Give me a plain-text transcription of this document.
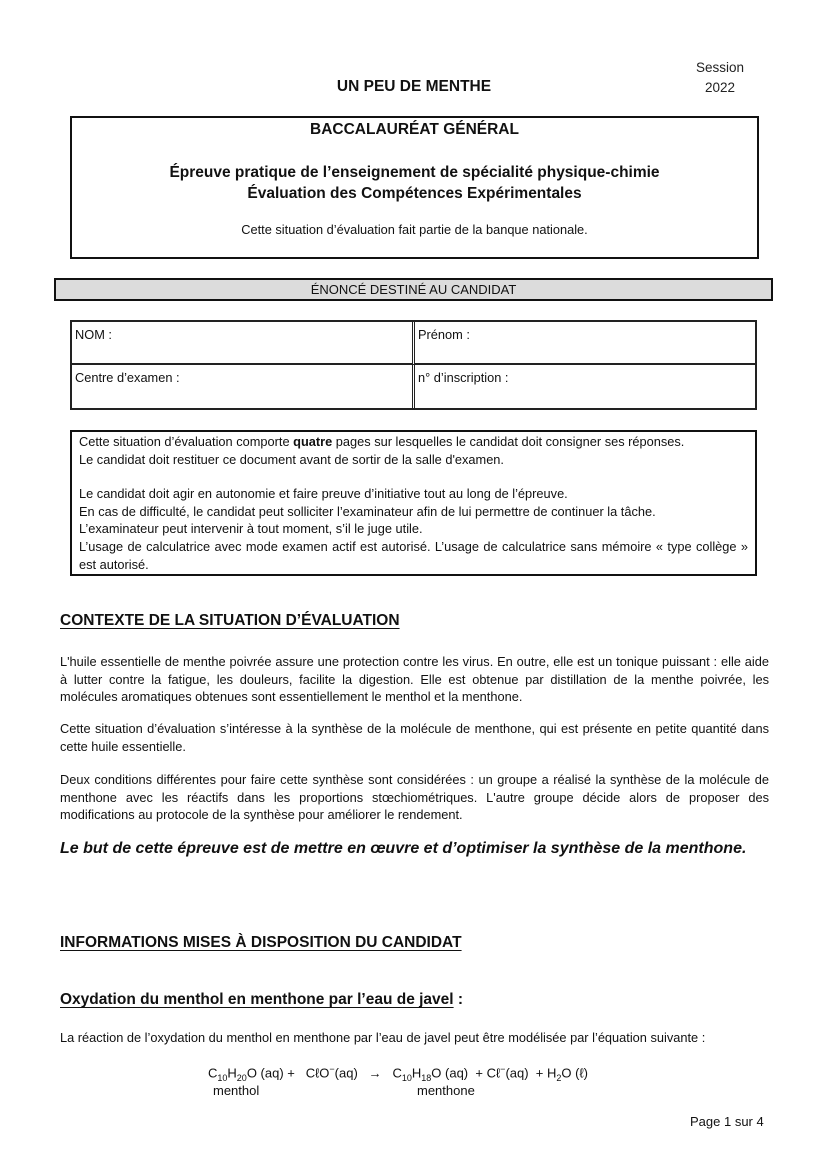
Session
2022
UN PEU DE MENTHE
BACCALAURÉAT GÉNÉRAL
Épreuve pratique de l’enseignement de spécialité physique-chimie
Évaluation des Compétences Expérimentales
Cette situation d’évaluation fait partie de la banque nationale.
ÉNONCÉ DESTINÉ AU CANDIDAT
NOM :	Prénom :
Centre d’examen :	n° d’inscription :

Cette situation d’évaluation comporte quatre pages sur lesquelles le candidat doit consigner ses réponses.

Le candidat doit restituer ce document avant de sortir de la salle d'examen.

Le candidat doit agir en autonomie et faire preuve d’initiative tout au long de l’épreuve.

En cas de difficulté, le candidat peut solliciter l’examinateur afin de lui permettre de continuer la tâche.

L’examinateur peut intervenir à tout moment, s’il le juge utile.

L’usage de calculatrice avec mode examen actif est autorisé. L’usage de calculatrice sans mémoire « type collège » est autorisé.

CONTEXTE DE LA SITUATION D’ÉVALUATION
L'huile essentielle de menthe poivrée assure une protection contre les virus. En outre, elle est un tonique puissant : elle aide à lutter contre la fatigue, les douleurs, facilite la digestion. Elle est obtenue par distillation de la menthe poivrée, les molécules aromatiques obtenues sont essentiellement le menthol et la menthone.
Cette situation d’évaluation s’intéresse à la synthèse de la molécule de menthone, qui est présente en petite quantité dans cette huile essentielle.
Deux conditions différentes pour faire cette synthèse sont considérées : un groupe a réalisé la synthèse de la molécule de menthone avec les réactifs dans les proportions stœchiométriques. L'autre groupe décide alors de proposer des modifications au protocole de la synthèse pour améliorer le rendement.
Le but de cette épreuve est de mettre en œuvre et d’optimiser la synthèse de la menthone.
INFORMATIONS MISES À DISPOSITION DU CANDIDAT
Oxydation du menthol en menthone par l’eau de javel :
La réaction de l’oxydation du menthol en menthone par l’eau de javel peut être modélisée par l’équation suivante :
$C_{10}H_{20}O$ (aq) + CℓO−(aq) → $C_{10}H_{18}O$ (aq) + Cℓ−(aq) + $H_2O$ (ℓ)
menthol	menthone
Page 1 sur 4
